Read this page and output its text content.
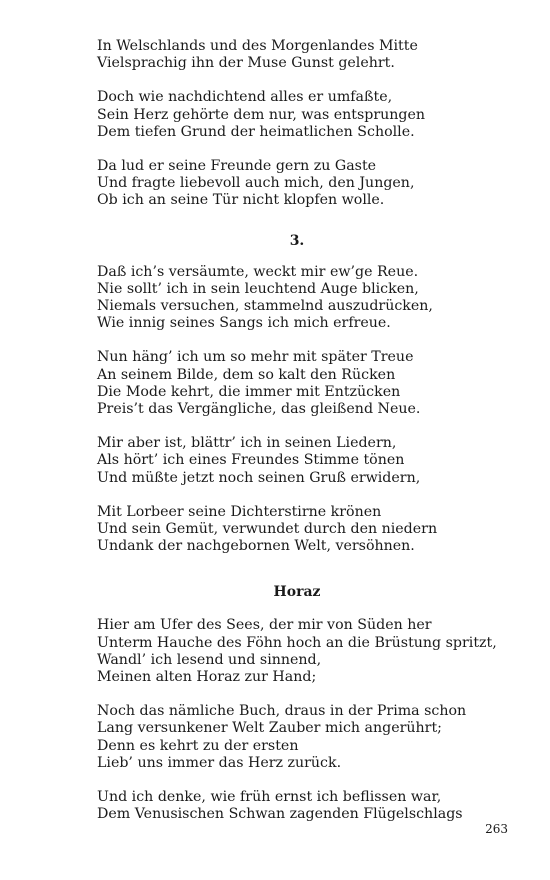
In Welschlands und des Morgenlandes Mitte
Vielsprachig ihn der Muse Gunst gelehrt.
Doch wie nachdichtend alles er umfaßte,
Sein Herz gehörte dem nur, was entsprungen
Dem tiefen Grund der heimatlichen Scholle.
Da lud er seine Freunde gern zu Gaste
Und fragte liebevoll auch mich, den Jungen,
Ob ich an seine Tür nicht klopfen wolle.
3.
Daß ich’s versäumte, weckt mir ew’ge Reue.
Nie sollt’ ich in sein leuchtend Auge blicken,
Niemals versuchen, stammelnd auszudrücken,
Wie innig seines Sangs ich mich erfreue.
Nun häng’ ich um so mehr mit später Treue
An seinem Bilde, dem so kalt den Rücken
Die Mode kehrt, die immer mit Entzücken
Preis’t das Vergängliche, das gleißend Neue.
Mir aber ist, blättr’ ich in seinen Liedern,
Als hört’ ich eines Freundes Stimme tönen
Und müßte jetzt noch seinen Gruß erwidern,
Mit Lorbeer seine Dichterstirne krönen
Und sein Gemüt, verwundet durch den niedern
Undank der nachgebornen Welt, versöhnen.
Horaz
Hier am Ufer des Sees, der mir von Süden her
Unterm Hauche des Föhn hoch an die Brüstung spritzt,
Wandl’ ich lesend und sinnend,
Meinen alten Horaz zur Hand;
Noch das nämliche Buch, draus in der Prima schon
Lang versunkener Welt Zauber mich angerührt;
Denn es kehrt zu der ersten
Lieb’ uns immer das Herz zurück.
Und ich denke, wie früh ernst ich beflissen war,
Dem Venusischen Schwan zagenden Flügelschlags
263
